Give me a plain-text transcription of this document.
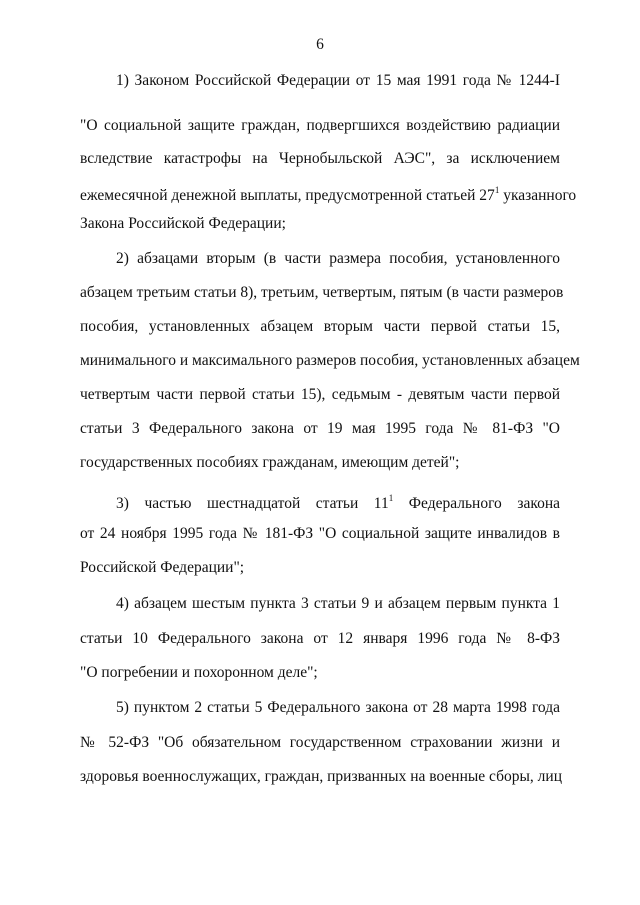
6
1) Законом Российской Федерации от 15 мая 1991 года № 1244-I
"О социальной защите граждан, подвергшихся воздействию радиации
вследствие катастрофы на Чернобыльской АЭС", за исключением
ежемесячной денежной выплаты, предусмотренной статьей $27^1$ указанного
Закона Российской Федерации;
2) абзацами вторым (в части размера пособия, установленного
абзацем третьим статьи 8), третьим, четвертым, пятым (в части размеров
пособия, установленных абзацем вторым части первой статьи 15,
минимального и максимального размеров пособия, установленных абзацем
четвертым части первой статьи 15), седьмым - девятым части первой
статьи 3 Федерального закона от 19 мая 1995 года № 81-ФЗ "О
государственных пособиях гражданам, имеющим детей";
3) частью шестнадцатой статьи $11^1$ Федерального закона
от 24 ноября 1995 года № 181-ФЗ "О социальной защите инвалидов в
Российской Федерации";
4) абзацем шестым пункта 3 статьи 9 и абзацем первым пункта 1
статьи 10 Федерального закона от 12 января 1996 года № 8-ФЗ
"О погребении и похоронном деле";
5) пунктом 2 статьи 5 Федерального закона от 28 марта 1998 года
№ 52-ФЗ "Об обязательном государственном страховании жизни и
здоровья военнослужащих, граждан, призванных на военные сборы, лиц
